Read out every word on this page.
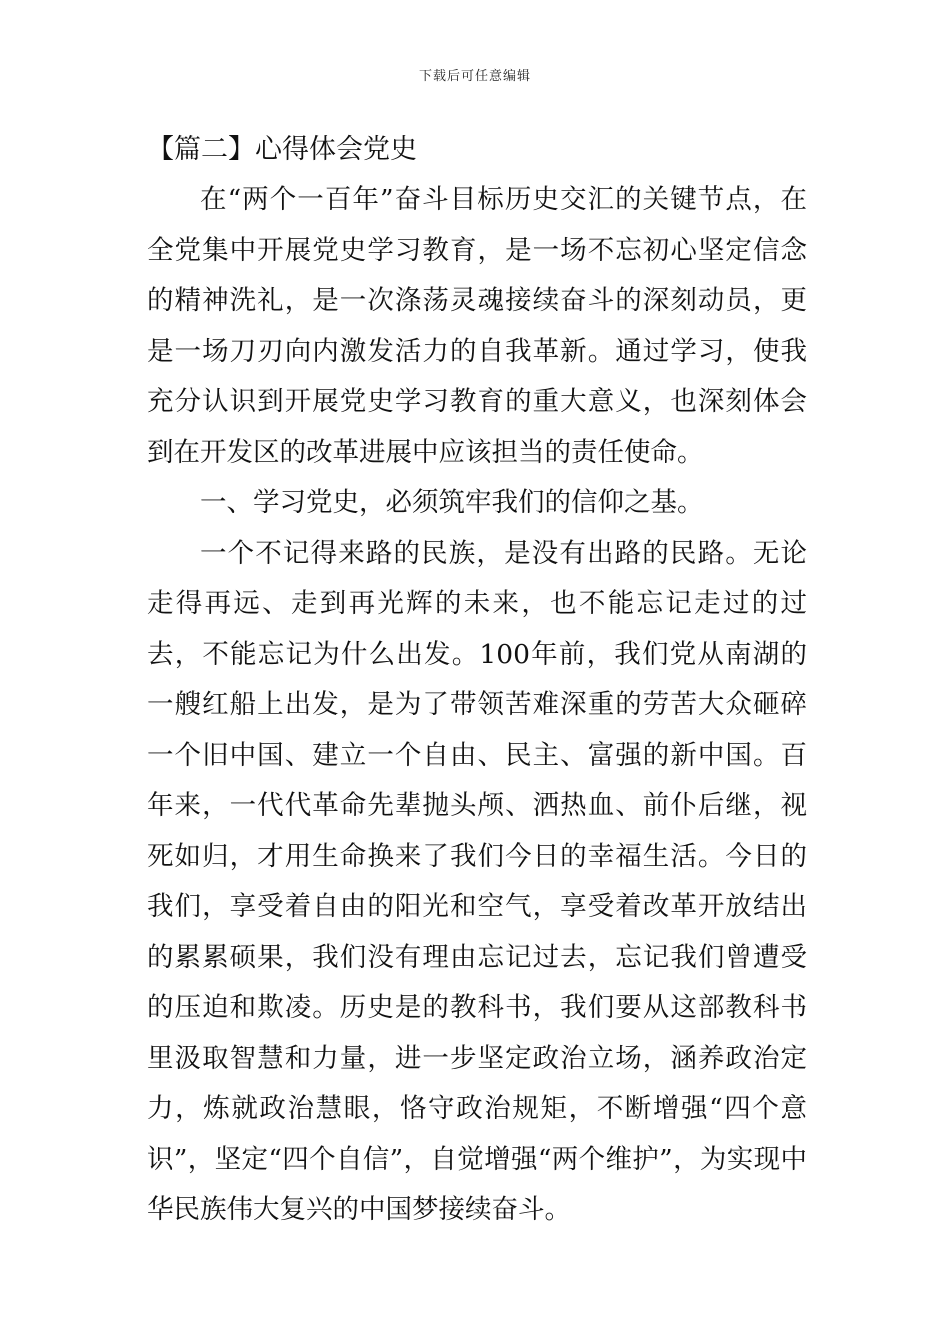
下载后可任意编辑
【篇二】心得体会党史

在“两个一百年”奋斗目标历史交汇的关键节点，在全党集中开展党史学习教育，是一场不忘初心坚定信念的精神洗礼，是一次涤荡灵魂接续奋斗的深刻动员，更是一场刀刃向内激发活力的自我革新。通过学习，使我充分认识到开展党史学习教育的重大意义，也深刻体会到在开发区的改革进展中应该担当的责任使命。

一、学习党史，必须筑牢我们的信仰之基。

一个不记得来路的民族，是没有出路的民路。无论走得再远、走到再光辉的未来，也不能忘记走过的过去，不能忘记为什么出发。100年前，我们党从南湖的一艘红船上出发，是为了带领苦难深重的劳苦大众砸碎一个旧中国、建立一个自由、民主、富强的新中国。百年来，一代代革命先辈抛头颅、洒热血、前仆后继，视死如归，才用生命换来了我们今日的幸福生活。今日的我们，享受着自由的阳光和空气，享受着改革开放结出的累累硕果，我们没有理由忘记过去，忘记我们曾遭受的压迫和欺凌。历史是的教科书，我们要从这部教科书里汲取智慧和力量，进一步坚定政治立场，涵养政治定力，炼就政治慧眼，恪守政治规矩，不断增强“四个意识”，坚定“四个自信”，自觉增强“两个维护”，为实现中华民族伟大复兴的中国梦接续奋斗。
